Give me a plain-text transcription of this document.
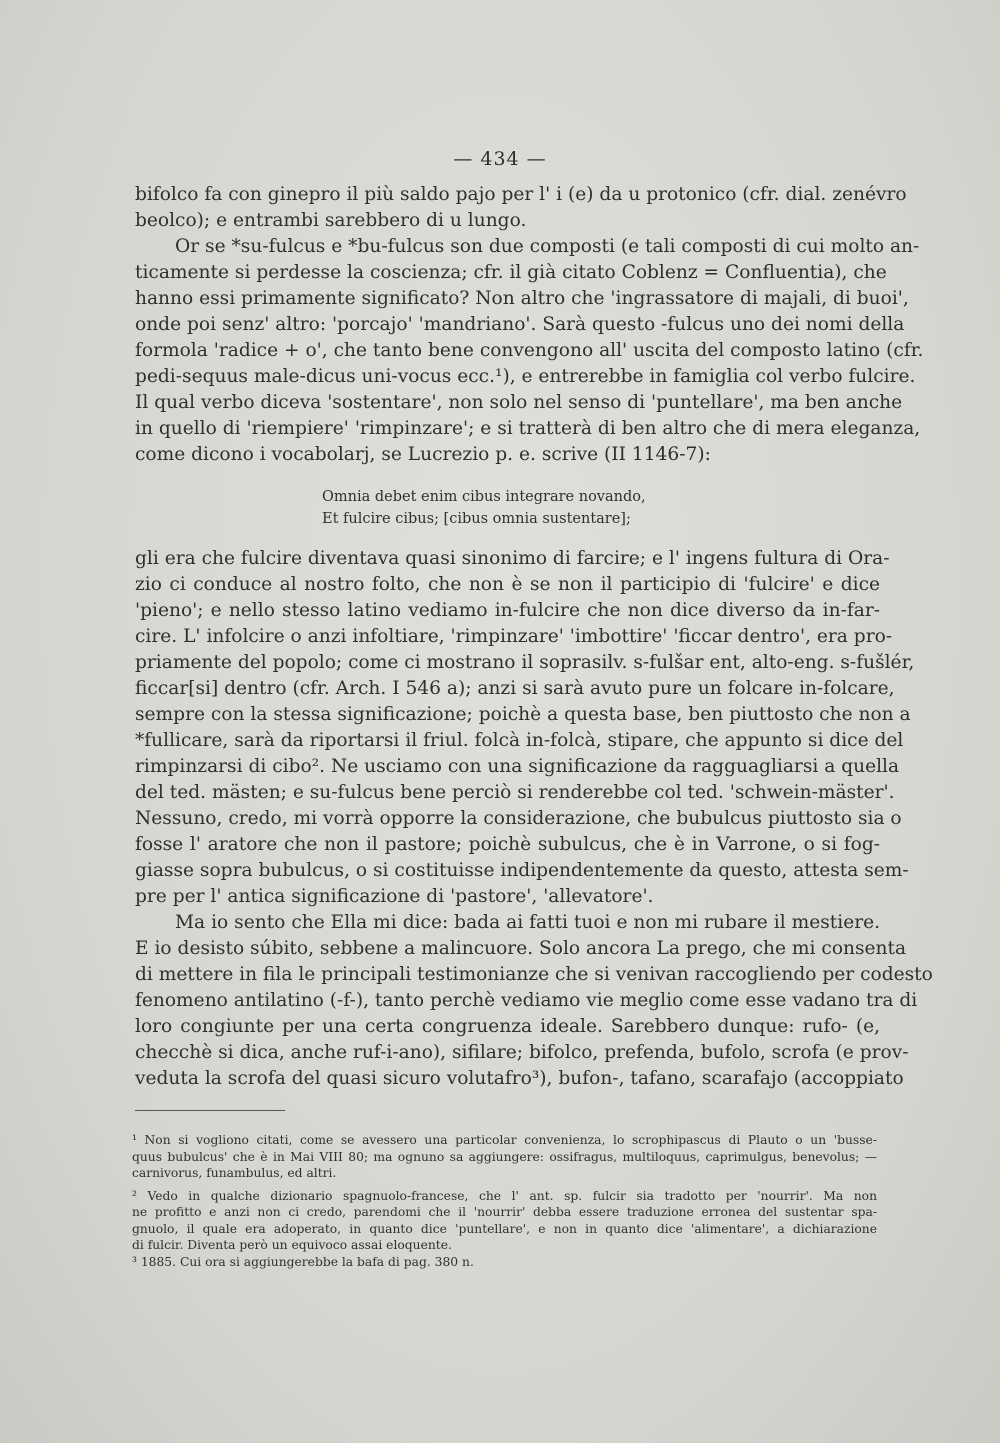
— 434 —
bifolco fa con ginepro il più saldo pajo per l' i (e) da u protonico (cfr. dial. zenévro
beolco); e entrambi sarebbero di u lungo.
Or se *su-fulcus e *bu-fulcus son due composti (e tali composti di cui molto an-
ticamente si perdesse la coscienza; cfr. il già citato Coblenz = Confluentia), che
hanno essi primamente significato? Non altro che 'ingrassatore di majali, di buoi',
onde poi senz' altro: 'porcajo' 'mandriano'. Sarà questo -fulcus uno dei nomi della
formola 'radice + o', che tanto bene convengono all' uscita del composto latino (cfr.
pedi-sequus male-dicus uni-vocus ecc.¹), e entrerebbe in famiglia col verbo fulcire.
Il qual verbo diceva 'sostentare', non solo nel senso di 'puntellare', ma ben anche
in quello di 'riempiere' 'rimpinzare'; e si tratterà di ben altro che di mera eleganza,
come dicono i vocabolarj, se Lucrezio p. e. scrive (II 1146-7):
Omnia debet enim cibus integrare novando,
Et fulcire cibus; [cibus omnia sustentare];
gli era che fulcire diventava quasi sinonimo di farcire; e l' ingens fultura di Ora-
zio ci conduce al nostro folto, che non è se non il participio di 'fulcire' e dice
'pieno'; e nello stesso latino vediamo in-fulcire che non dice diverso da in-far-
cire. L' infolcire o anzi infoltiare, 'rimpinzare' 'imbottire' 'ficcar dentro', era pro-
priamente del popolo; come ci mostrano il soprasilv. s-fulšar ent, alto-eng. s-fušlér,
ficcar[si] dentro (cfr. Arch. I 546 a); anzi si sarà avuto pure un folcare in-folcare,
sempre con la stessa significazione; poichè a questa base, ben piuttosto che non a
*fullicare, sarà da riportarsi il friul. folcà in-folcà, stipare, che appunto si dice del
rimpinzarsi di cibo². Ne usciamo con una significazione da ragguagliarsi a quella
del ted. mästen; e su-fulcus bene perciò si renderebbe col ted. 'schwein-mäster'.
Nessuno, credo, mi vorrà opporre la considerazione, che bubulcus piuttosto sia o
fosse l' aratore che non il pastore; poichè subulcus, che è in Varrone, o si fog-
giasse sopra bubulcus, o si costituisse indipendentemente da questo, attesta sem-
pre per l' antica significazione di 'pastore', 'allevatore'.
Ma io sento che Ella mi dice: bada ai fatti tuoi e non mi rubare il mestiere.
E io desisto súbito, sebbene a malincuore. Solo ancora La prego, che mi consenta
di mettere in fila le principali testimonianze che si venivan raccogliendo per codesto
fenomeno antilatino (-f-), tanto perchè vediamo vie meglio come esse vadano tra di
loro congiunte per una certa congruenza ideale. Sarebbero dunque: rufo- (e,
checchè si dica, anche ruf-i-ano), sifilare; bifolco, prefenda, bufolo, scrofa (e prov-
veduta la scrofa del quasi sicuro volutafro³), bufon-, tafano, scarafajo (accoppiato
¹ Non si vogliono citati, come se avessero una particolar convenienza, lo scrophipascus di Plauto o un 'busse-
quus bubulcus' che è in Mai VIII 80; ma ognuno sa aggiungere: ossifragus, multiloquus, caprimulgus, benevolus; —
carnivorus, funambulus, ed altri.
² Vedo in qualche dizionario spagnuolo-francese, che l' ant. sp. fulcir sia tradotto per 'nourrir'. Ma non
ne profitto e anzi non ci credo, parendomi che il 'nourrir' debba essere traduzione erronea del sustentar spa-
gnuolo, il quale era adoperato, in quanto dice 'puntellare', e non in quanto dice 'alimentare', a dichiarazione
di fulcir. Diventa però un equivoco assai eloquente.
³ 1885. Cui ora si aggiungerebbe la bafa di pag. 380 n.
